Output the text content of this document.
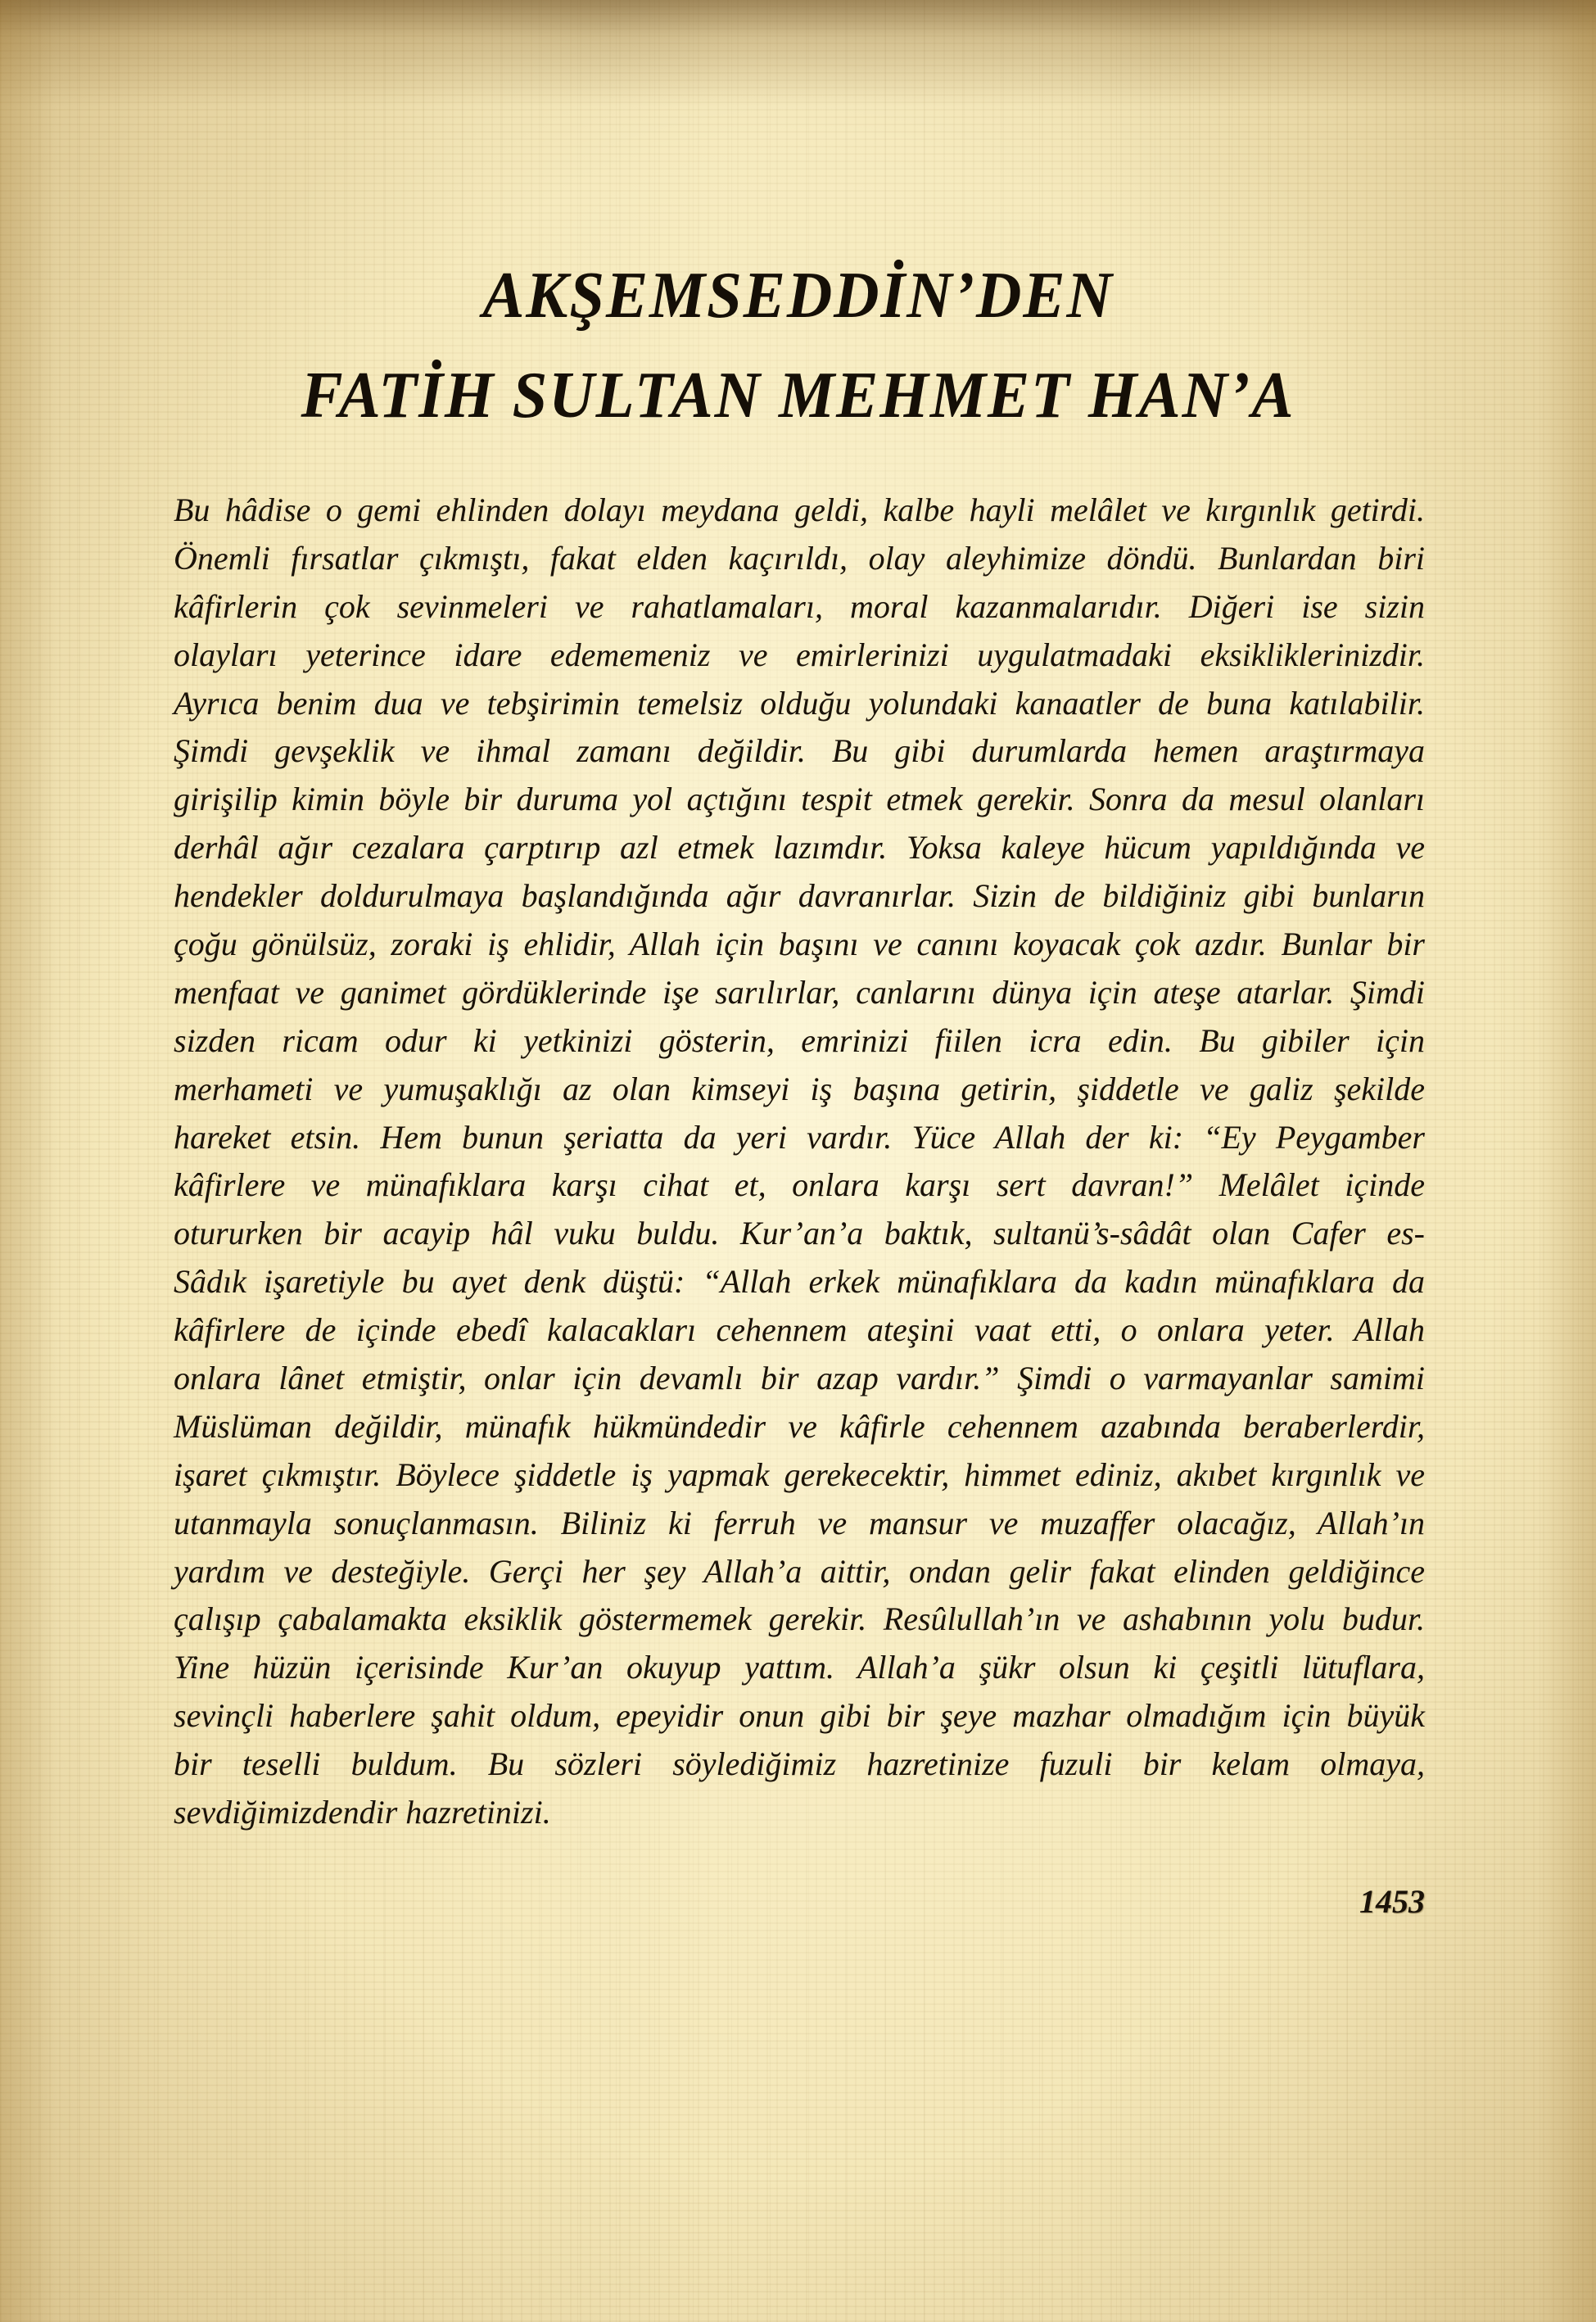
AKŞEMSEDDİN’DEN
FATİH SULTAN MEHMET HAN’A
Bu hâdise o gemi ehlinden dolayı meydana geldi, kalbe hayli melâlet ve kırgınlık getirdi.
Önemli fırsatlar çıkmıştı, fakat elden kaçırıldı, olay aleyhimize döndü. Bunlardan biri
kâfirlerin çok sevinmeleri ve rahatlamaları, moral kazanmalarıdır. Diğeri ise sizin
olayları yeterince idare edememeniz ve emirlerinizi uygulatmadaki eksikliklerinizdir.
Ayrıca benim dua ve tebşirimin temelsiz olduğu yolundaki kanaatler de buna katılabilir.
Şimdi gevşeklik ve ihmal zamanı değildir. Bu gibi durumlarda hemen araştırmaya
girişilip kimin böyle bir duruma yol açtığını tespit etmek gerekir. Sonra da mesul olanları
derhâl ağır cezalara çarptırıp azl etmek lazımdır. Yoksa kaleye hücum yapıldığında ve
hendekler doldurulmaya başlandığında ağır davranırlar. Sizin de bildiğiniz gibi bunların
çoğu gönülsüz, zoraki iş ehlidir, Allah için başını ve canını koyacak çok azdır. Bunlar bir
menfaat ve ganimet gördüklerinde işe sarılırlar, canlarını dünya için ateşe atarlar. Şimdi
sizden ricam odur ki yetkinizi gösterin, emrinizi fiilen icra edin. Bu gibiler için
merhameti ve yumuşaklığı az olan kimseyi iş başına getirin, şiddetle ve galiz şekilde
hareket etsin. Hem bunun şeriatta da yeri vardır. Yüce Allah der ki: “Ey Peygamber
kâfirlere ve münafıklara karşı cihat et, onlara karşı sert davran!” Melâlet içinde
otururken bir acayip hâl vuku buldu. Kur’an’a baktık, sultanü’s-sâdât olan Cafer es-
Sâdık işaretiyle bu ayet denk düştü: “Allah erkek münafıklara da kadın münafıklara da
kâfirlere de içinde ebedî kalacakları cehennem ateşini vaat etti, o onlara yeter. Allah
onlara lânet etmiştir, onlar için devamlı bir azap vardır.” Şimdi o varmayanlar samimi
Müslüman değildir, münafık hükmündedir ve kâfirle cehennem azabında beraberlerdir,
işaret çıkmıştır. Böylece şiddetle iş yapmak gerekecektir, himmet ediniz, akıbet kırgınlık ve
utanmayla sonuçlanmasın. Biliniz ki ferruh ve mansur ve muzaffer olacağız, Allah’ın
yardım ve desteğiyle. Gerçi her şey Allah’a aittir, ondan gelir fakat elinden geldiğince
çalışıp çabalamakta eksiklik göstermemek gerekir. Resûlullah’ın ve ashabının yolu budur.
Yine hüzün içerisinde Kur’an okuyup yattım. Allah’a şükr olsun ki çeşitli lütuflara,
sevinçli haberlere şahit oldum, epeyidir onun gibi bir şeye mazhar olmadığım için büyük
bir teselli buldum. Bu sözleri söylediğimiz hazretinize fuzuli bir kelam olmaya,
sevdiğimizdendir hazretinizi.
1453
